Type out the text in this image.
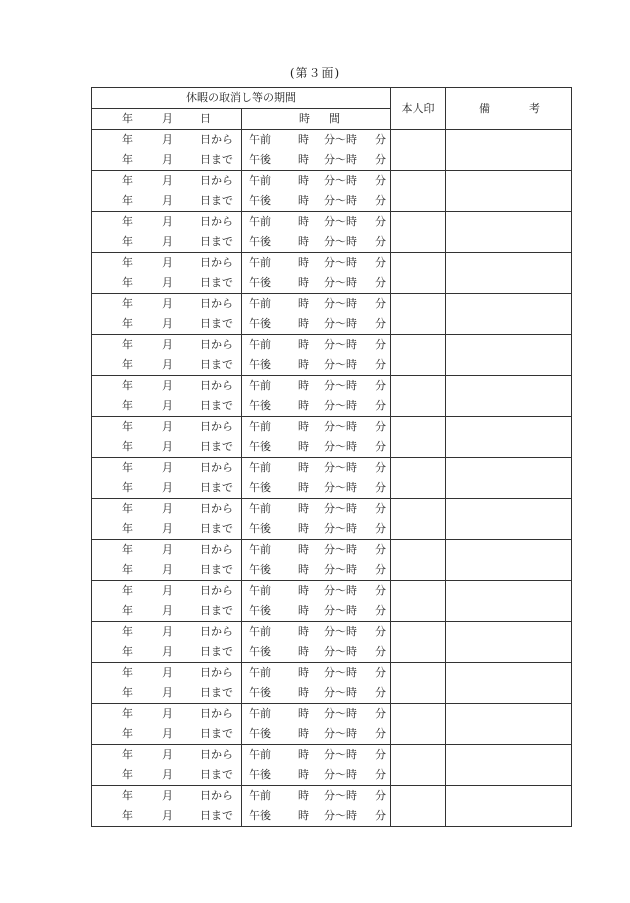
(第３面)
休暇の取消し等の期間		本人印	備 考

年 月 日	時 間		

年 月 日から	午前 時 分〜時 分		

年 月 日まで	午後 時 分〜時 分		

年 月 日から	午前 時 分〜時 分		

年 月 日まで	午後 時 分〜時 分		

年 月 日から	午前 時 分〜時 分		

年 月 日まで	午後 時 分〜時 分		

年 月 日から	午前 時 分〜時 分		

年 月 日まで	午後 時 分〜時 分		

年 月 日から	午前 時 分〜時 分		

年 月 日まで	午後 時 分〜時 分		

年 月 日から	午前 時 分〜時 分		

年 月 日まで	午後 時 分〜時 分		

年 月 日から	午前 時 分〜時 分		

年 月 日まで	午後 時 分〜時 分		

年 月 日から	午前 時 分〜時 分		

年 月 日まで	午後 時 分〜時 分		

年 月 日から	午前 時 分〜時 分		

年 月 日まで	午後 時 分〜時 分		

年 月 日から	午前 時 分〜時 分		

年 月 日まで	午後 時 分〜時 分		

年 月 日から	午前 時 分〜時 分		

年 月 日まで	午後 時 分〜時 分		

年 月 日から	午前 時 分〜時 分		

年 月 日まで	午後 時 分〜時 分		

年 月 日から	午前 時 分〜時 分		

年 月 日まで	午後 時 分〜時 分		

年 月 日から	午前 時 分〜時 分		

年 月 日まで	午後 時 分〜時 分		

年 月 日から	午前 時 分〜時 分		

年 月 日まで	午後 時 分〜時 分		

年 月 日から	午前 時 分〜時 分		

年 月 日まで	午後 時 分〜時 分		

年 月 日から	午前 時 分〜時 分		

年 月 日まで	午後 時 分〜時 分		
